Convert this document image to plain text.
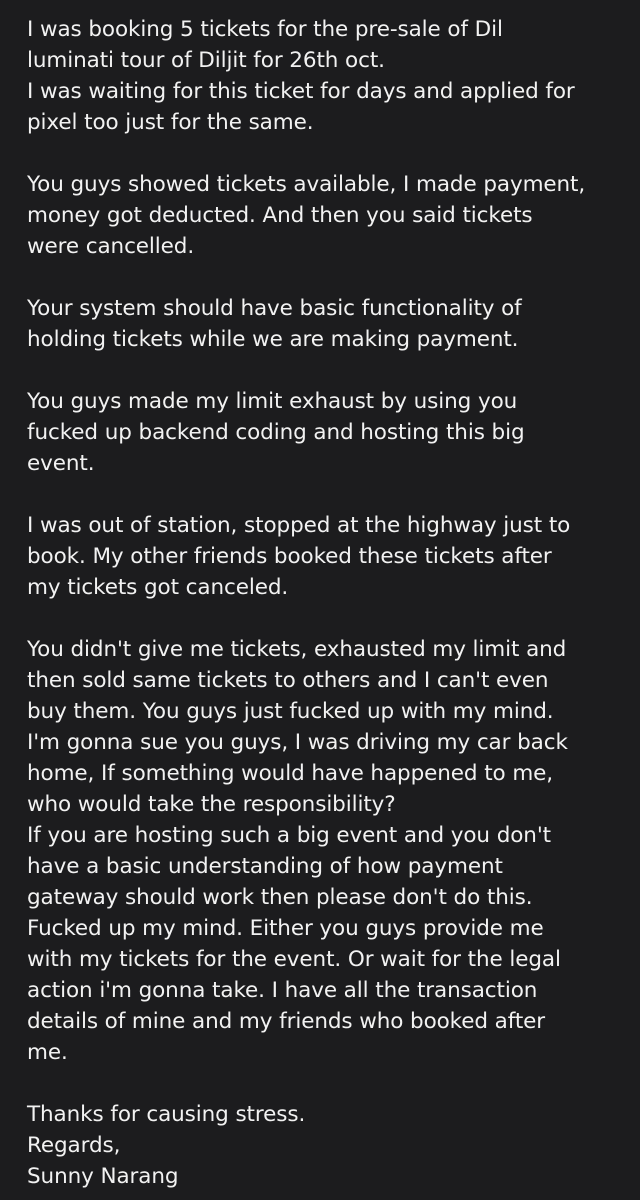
I was booking 5 tickets for the pre-sale of Dil
luminati tour of Diljit for 26th oct.
I was waiting for this ticket for days and applied for
pixel too just for the same.
You guys showed tickets available, I made payment,
money got deducted. And then you said tickets
were cancelled.
Your system should have basic functionality of
holding tickets while we are making payment.
You guys made my limit exhaust by using you
fucked up backend coding and hosting this big
event.
I was out of station, stopped at the highway just to
book. My other friends booked these tickets after
my tickets got canceled.
You didn't give me tickets, exhausted my limit and
then sold same tickets to others and I can't even
buy them. You guys just fucked up with my mind.
I'm gonna sue you guys, I was driving my car back
home, If something would have happened to me,
who would take the responsibility?
If you are hosting such a big event and you don't
have a basic understanding of how payment
gateway should work then please don't do this.
Fucked up my mind. Either you guys provide me
with my tickets for the event. Or wait for the legal
action i'm gonna take. I have all the transaction
details of mine and my friends who booked after
me.
Thanks for causing stress.
Regards,
Sunny Narang
